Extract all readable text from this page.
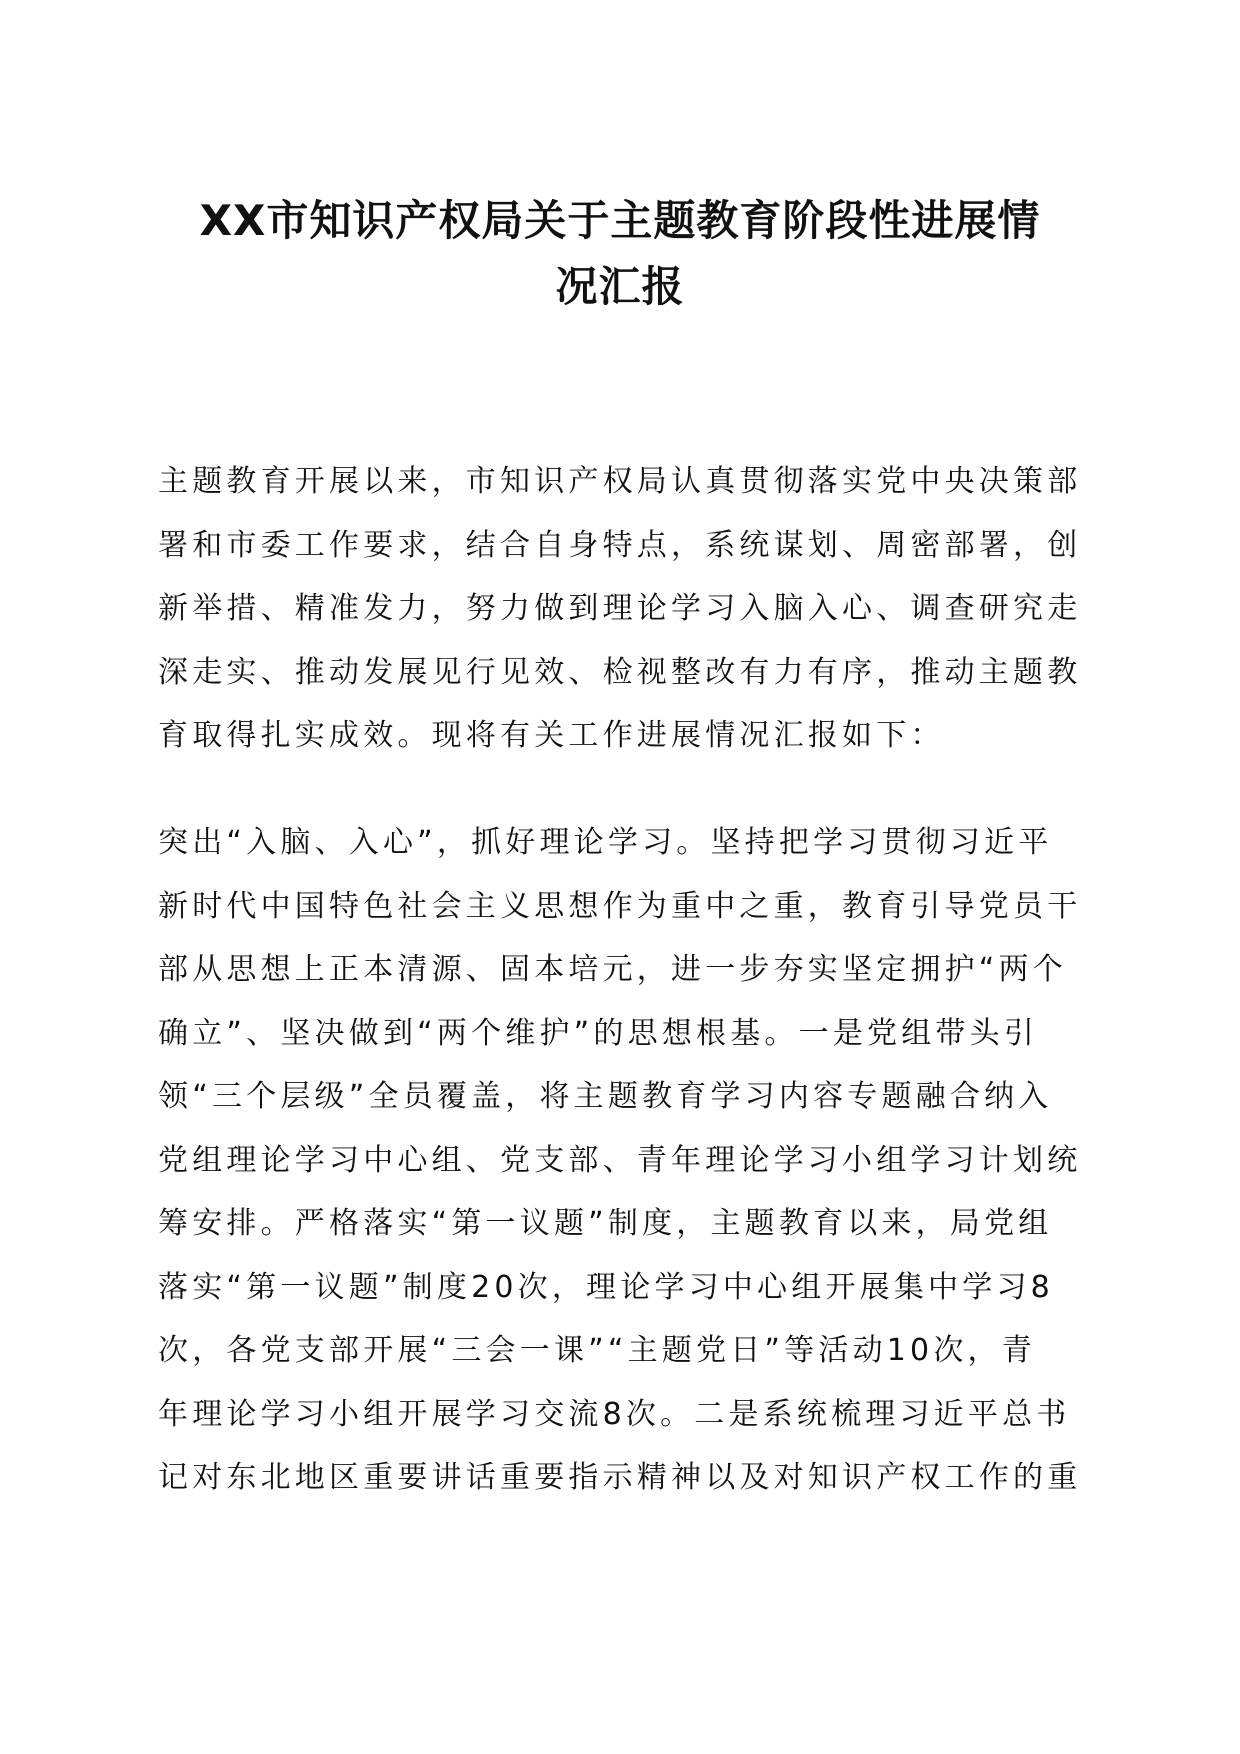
XX市知识产权局关于主题教育阶段性进展情
况汇报

主题教育开展以来，市知识产权局认真贯彻落实党中央决策部
署和市委工作要求，结合自身特点，系统谋划、周密部署，创
新举措、精准发力，努力做到理论学习入脑入心、调查研究走
深走实、推动发展见行见效、检视整改有力有序，推动主题教
育取得扎实成效。现将有关工作进展情况汇报如下：

突出“入脑、入心”，抓好理论学习。坚持把学习贯彻习近平
新时代中国特色社会主义思想作为重中之重，教育引导党员干
部从思想上正本清源、固本培元，进一步夯实坚定拥护“两个
确立”、坚决做到“两个维护”的思想根基。一是党组带头引
领“三个层级”全员覆盖，将主题教育学习内容专题融合纳入
党组理论学习中心组、党支部、青年理论学习小组学习计划统
筹安排。严格落实“第一议题”制度，主题教育以来，局党组
落实“第一议题”制度20次，理论学习中心组开展集中学习8
次，各党支部开展“三会一课”“主题党日”等活动10次，青
年理论学习小组开展学习交流8次。二是系统梳理习近平总书
记对东北地区重要讲话重要指示精神以及对知识产权工作的重
